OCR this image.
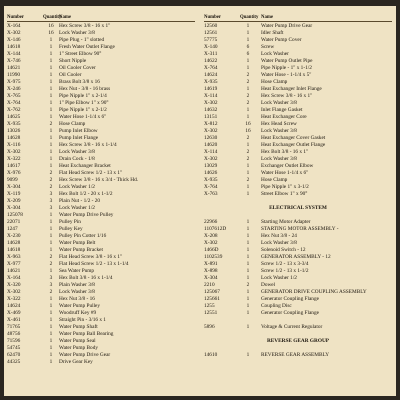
Number	Quantity
Name
X-164	16	Hex Screw 3/8 - 16 x 1"
X-302	16	Lock Washer 3/8
X-146	1	Pipe Plug - 1" slotted
14618	1	Fresh Water Outlet Flange
X-144	1	1" Street Elbow 90°
X-746	1	Short Nipple
14621	1	Oil Cooler Cover
11990	1	Oil Cooler
X-975	1	Brass Bolt 3/8 x 16
X-246	1	Hex Nut - 3/8 - 16 brass
X-765	1	Pipe Nipple 1" x 2-1/4
X-764	1	1" Pipe Elbow 1" x 90°
X-762	1	Pipe Nipple 1" x 2-1/2
14625	1	Water Hose 1-1/4 x 6"
X-935	2	Hose Clamp
13026	1	Pump Inlet Elbow
14628	1	Pump Inlet Flange
X-116	1	Hex Screw 3/8 - 16 x 1-1/4
X-302	1	Lock Washer 3/8
X-322	1	Drain Cock - 1/8
14617	1	Heat Exchanger Bracket
X-976	2	Flat Head Screw 1/2 - 13 x 1"
9099	2	Hex Screw 3/8 - 16 x 3/4 - Thick Hd.
X-304	2	Lock Washer 1/2
X-119	3	Hex Bolt 1/2 - 20 x 1-1/2
X-209	3	Plain Nut - 1/2 - 20
X-304	3	Lock Washer 1/2
125078	1	Water Pump Drive Pulley
22071	1	Pulley Pin
1247	1	Pulley Key
X-230	1	Pulley Pin Cotter 1/16
14628	1	Water Pump Belt
14618	1	Water Pump Bracket
X-963	2	Flat Head Screw 3/8 - 16 x 1"
X-977	2	Flat Head Screw 1/2 - 13 x 1-1/4
14621	1	Sea Water Pump
X-164	3	Hex Bolt 3/8 - 16 x 1-1/4
X-320	3	Plain Washer 3/8
X-302	2	Lock Washer 3/8
X-322	1	Hex Nut 3/8 - 16
14624	1	Water Pump Pulley
X-469	1	Woodruff Key #9
X-461	1	Straight Pin - 3/16 x 1
71765	1	Water Pump Shaft
48756	1	Water Pump Ball Bearing
71596	1	Water Pump Seal
54745	1	Water Pump Body
62470	1	Water Pump Drive Gear
44325	1	Drive Gear Key
Number	Quantity Name
12560	1	Water Pump Drive Gear
12561	1	Idler Shaft
57775	1	Water Pump Cover
X-140	6	Screw
X-311	6	Lock Washer
14622	1	Water Pump Outlet Pipe
X-764	1	Pipe Nipple - 1" x 1-1/2
14624	2	Water Hose - 1-1/4 x 5"
X-935	2	Hose Clamp
14619	1	Heat Exchanger Inlet Flange
X-114	2	Hex Screw 3/8 - 16 x 1"
X-302	2	Lock Washer 3/8
14632	1	Inlet Flange Gasket
13151	1	Heat Exchanger Core
X-812	16	Hex Head Screw
X-302	16	Lock Washer 3/8
12630	2	Heat Exchanger Cover Gasket
14620	1	Heat Exchanger Outlet Flange
X-114	2	Hex Bolt 3/8 - 16 x 1"
X-302	2	Lock Washer 3/8
13029	1	Exchanger Outlet Elbow
14626	1	Water Hose 1-1/4 x 6"
X-935	2	Hose Clamp
X-764	1	Pipe Nipple 1" x 3-1/2
X-763	1	Street Elbow 1" x 90°
ELECTRICAL SYSTEM
22966	1	Starting Motor Adapter
1107612D	1	STARTING MOTOR ASSEMBLY -
X-208	1	Hex Nut 3/8 - 24
X-302	1	Lock Washer 3/8
1466D	1	Solenoid Switch - 12
1102539	1	GENERATOR ASSEMBLY - 12
X-891	1	Screw 1/2 - 13 x 3-3/4
X-898	1	Screw 1/2 - 13 x 1-1/2
X-304	1	Lock Washer 1/2
2210	2	Dowel
125067	1	GENERATOR DRIVE COUPLING ASSEMBLY
125661	1	Generator Coupling Flange
1255	1	Coupling Disc
12551	1	Generator Coupling Flange
5896	1	Voltage & Current Regulator
REVERSE GEAR GROUP
14610	1	REVERSE GEAR ASSEMBLY
